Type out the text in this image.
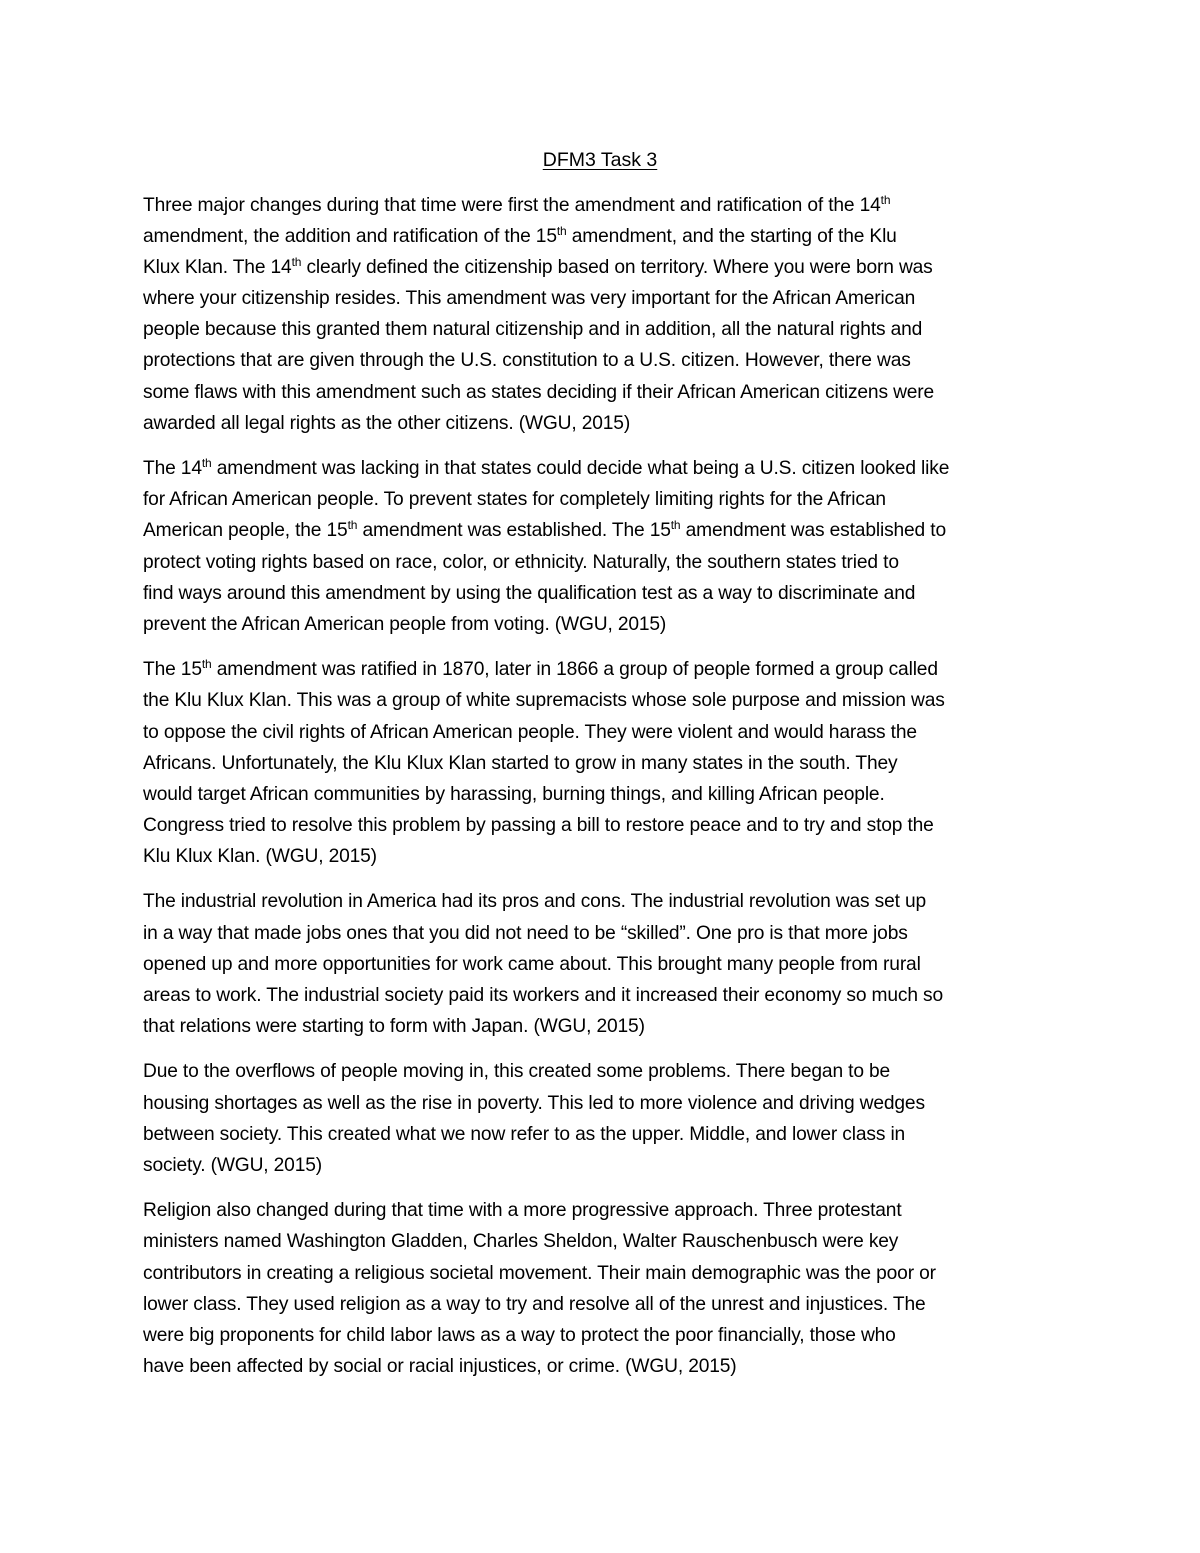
DFM3 Task 3
Three major changes during that time were first the amendment and ratification of the 14th
amendment, the addition and ratification of the 15th amendment, and the starting of the Klu
Klux Klan. The 14th clearly defined the citizenship based on territory. Where you were born was
where your citizenship resides. This amendment was very important for the African American
people because this granted them natural citizenship and in addition, all the natural rights and
protections that are given through the U.S. constitution to a U.S. citizen. However, there was
some flaws with this amendment such as states deciding if their African American citizens were
awarded all legal rights as the other citizens. (WGU, 2015)
The 14th amendment was lacking in that states could decide what being a U.S. citizen looked like
for African American people. To prevent states for completely limiting rights for the African
American people, the 15th amendment was established. The 15th amendment was established to
protect voting rights based on race, color, or ethnicity. Naturally, the southern states tried to
find ways around this amendment by using the qualification test as a way to discriminate and
prevent the African American people from voting. (WGU, 2015)
The 15th amendment was ratified in 1870, later in 1866 a group of people formed a group called
the Klu Klux Klan. This was a group of white supremacists whose sole purpose and mission was
to oppose the civil rights of African American people. They were violent and would harass the
Africans. Unfortunately, the Klu Klux Klan started to grow in many states in the south. They
would target African communities by harassing, burning things, and killing African people.
Congress tried to resolve this problem by passing a bill to restore peace and to try and stop the
Klu Klux Klan. (WGU, 2015)
The industrial revolution in America had its pros and cons. The industrial revolution was set up
in a way that made jobs ones that you did not need to be “skilled”. One pro is that more jobs
opened up and more opportunities for work came about. This brought many people from rural
areas to work. The industrial society paid its workers and it increased their economy so much so
that relations were starting to form with Japan. (WGU, 2015)
Due to the overflows of people moving in, this created some problems. There began to be
housing shortages as well as the rise in poverty. This led to more violence and driving wedges
between society. This created what we now refer to as the upper. Middle, and lower class in
society. (WGU, 2015)
Religion also changed during that time with a more progressive approach. Three protestant
ministers named Washington Gladden, Charles Sheldon, Walter Rauschenbusch were key
contributors in creating a religious societal movement. Their main demographic was the poor or
lower class. They used religion as a way to try and resolve all of the unrest and injustices. The
were big proponents for child labor laws as a way to protect the poor financially, those who
have been affected by social or racial injustices, or crime. (WGU, 2015)
